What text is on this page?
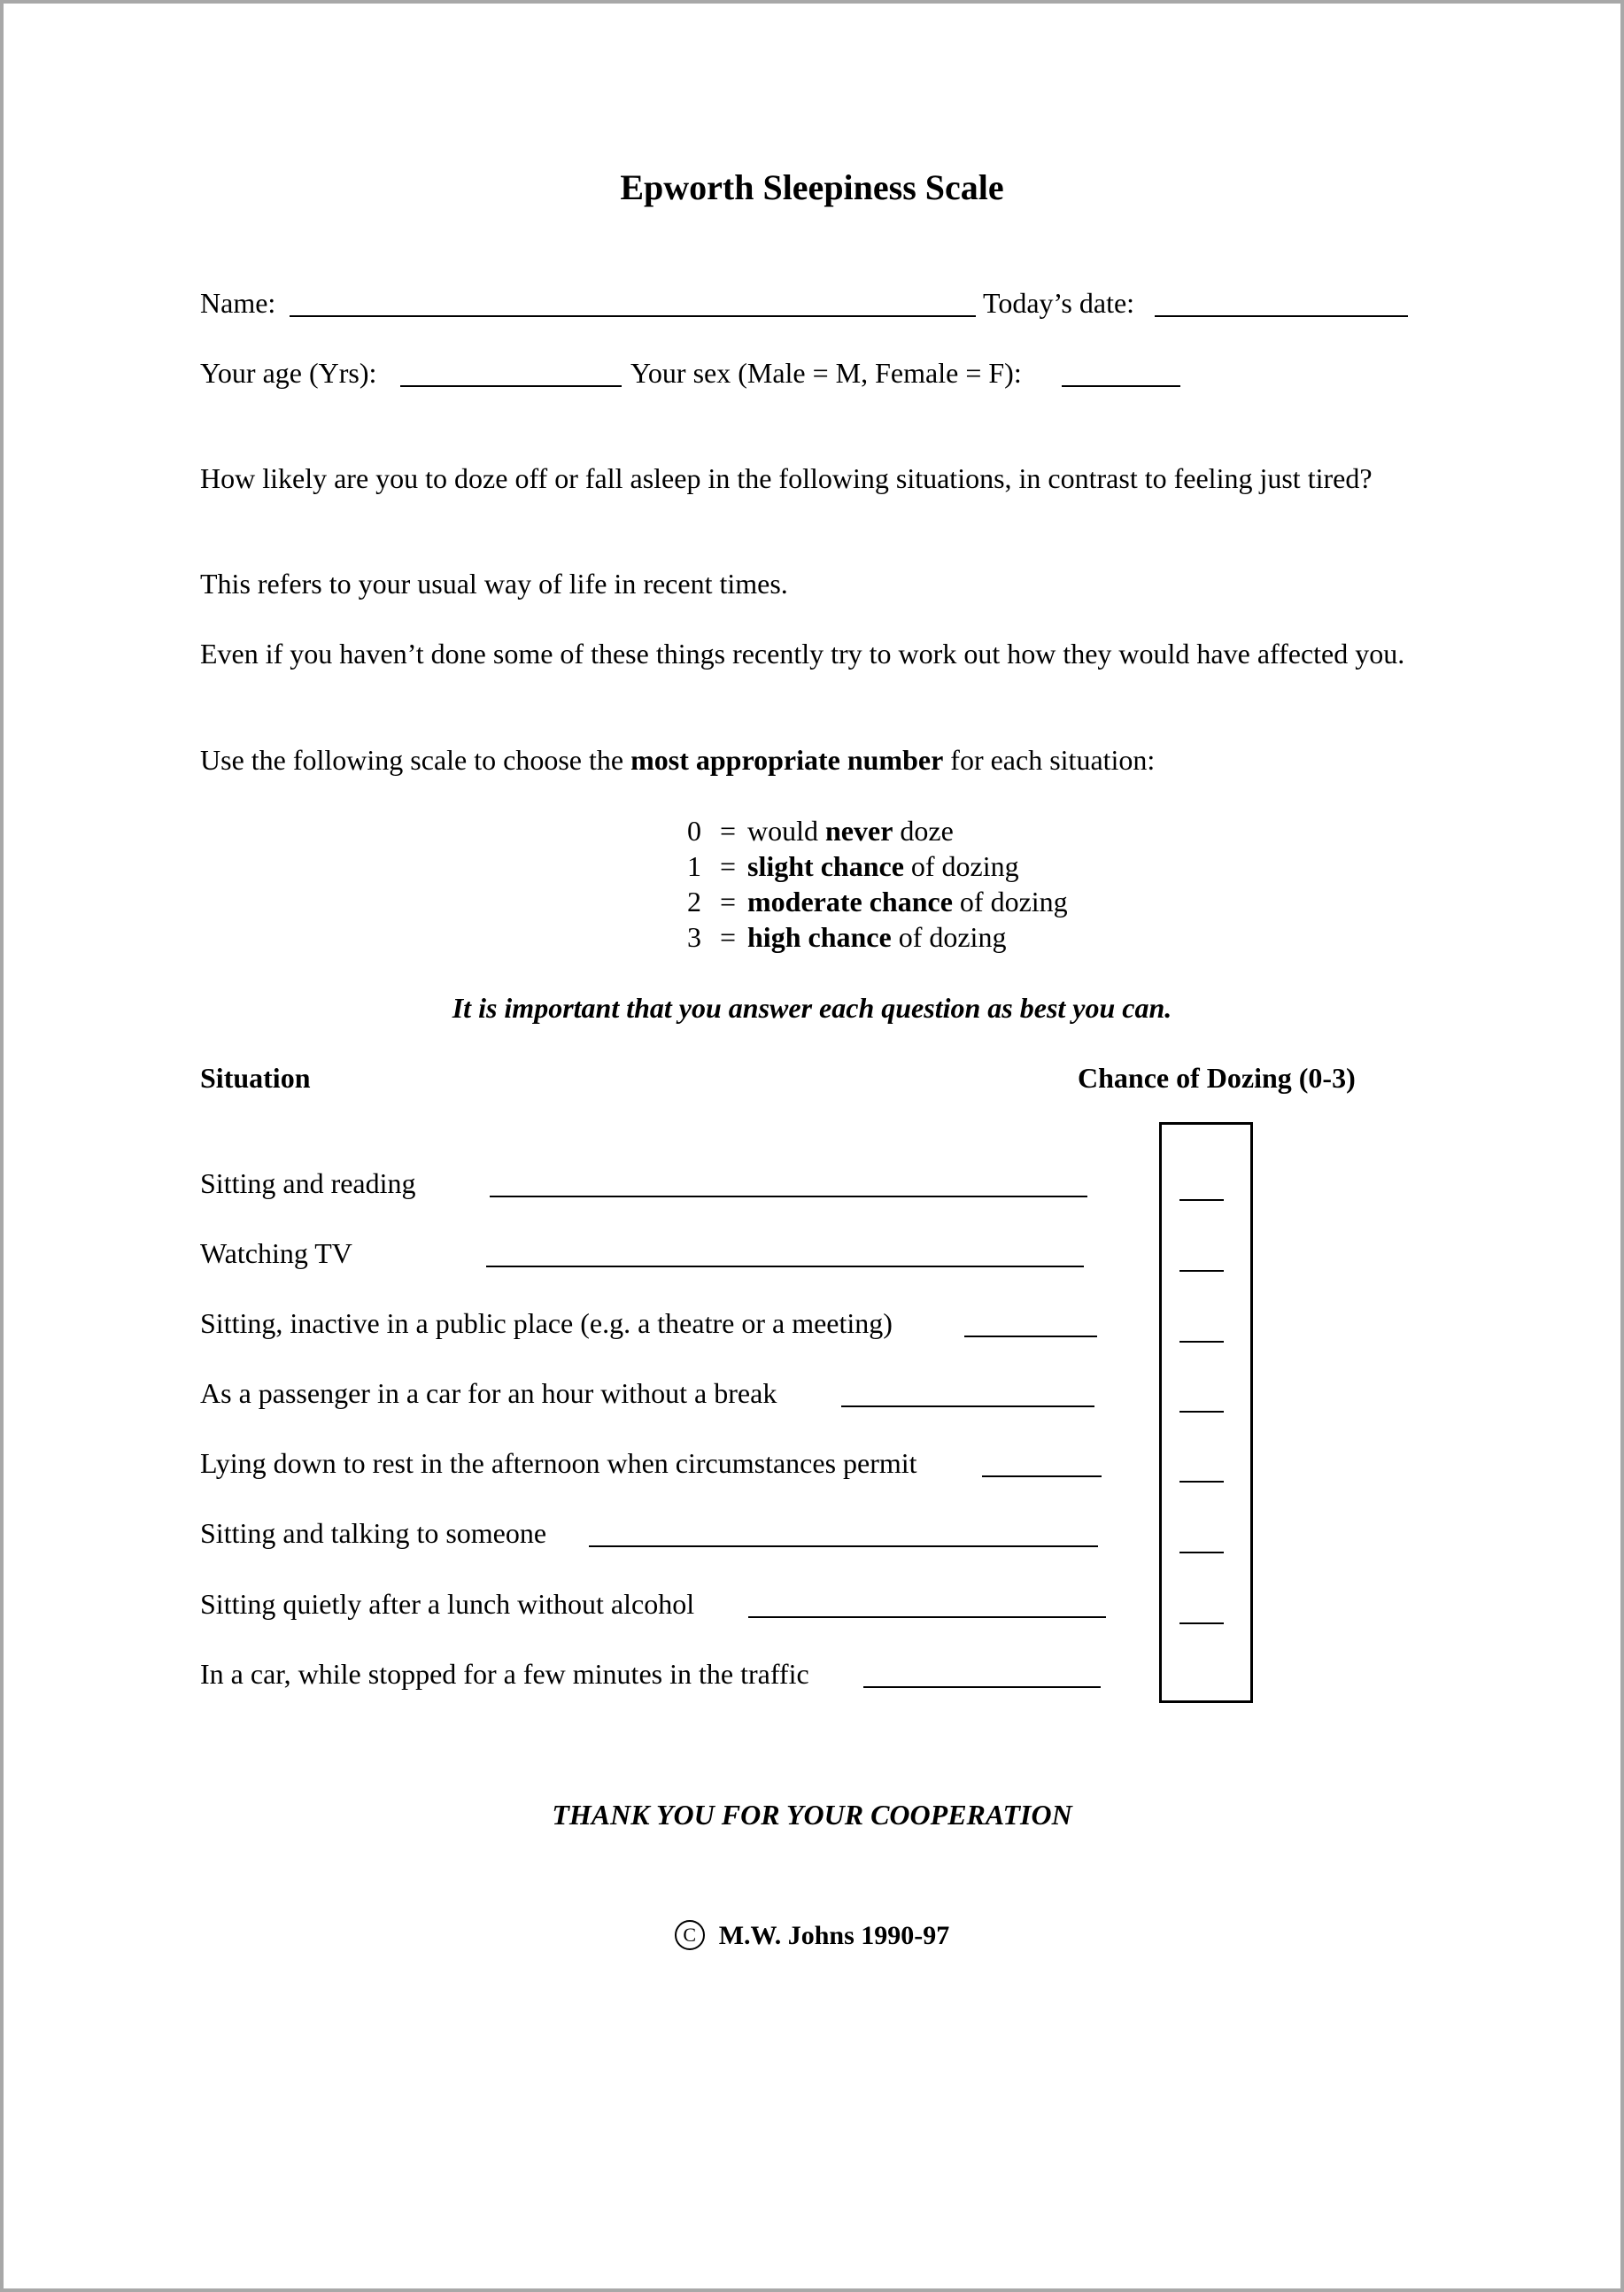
Epworth Sleepiness Scale
Name:	Today’s date:
Your age (Yrs):	Your sex (Male = M, Female = F):
How likely are you to doze off or fall asleep in the following situations, in contrast to feeling just tired?
This refers to your usual way of life in recent times.
Even if you haven’t done some of these things recently try to work out how they would have affected you.
Use the following scale to choose the most appropriate number for each situation:
0 = would never doze
1 = slight chance of dozing
2 = moderate chance of dozing
3 = high chance of dozing
It is important that you answer each question as best you can.
Situation	Chance of Dozing (0-3)
Sitting and reading
Watching TV
Sitting, inactive in a public place (e.g. a theatre or a meeting)
As a passenger in a car for an hour without a break
Lying down to rest in the afternoon when circumstances permit
Sitting and talking to someone
Sitting quietly after a lunch without alcohol
In a car, while stopped for a few minutes in the traffic
THANK YOU FOR YOUR COOPERATION
C M.W. Johns 1990-97
